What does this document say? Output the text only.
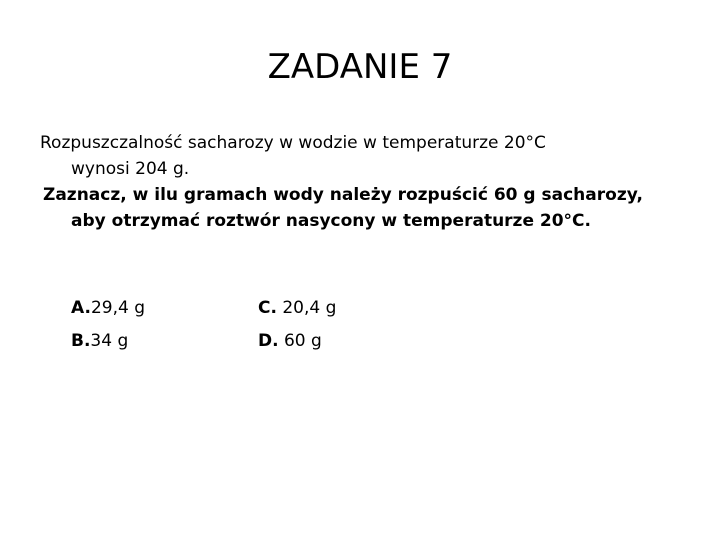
ZADANIE 7
Rozpuszczalność sacharozy w wodzie w temperaturze 20°C
wynosi 204 g.
Zaznacz, w ilu gramach wody należy rozpuścić 60 g sacharozy,
aby otrzymać roztwór nasycony w temperaturze 20°C.
A.29,4 g
B.34 g
C. 20,4 g
D. 60 g
